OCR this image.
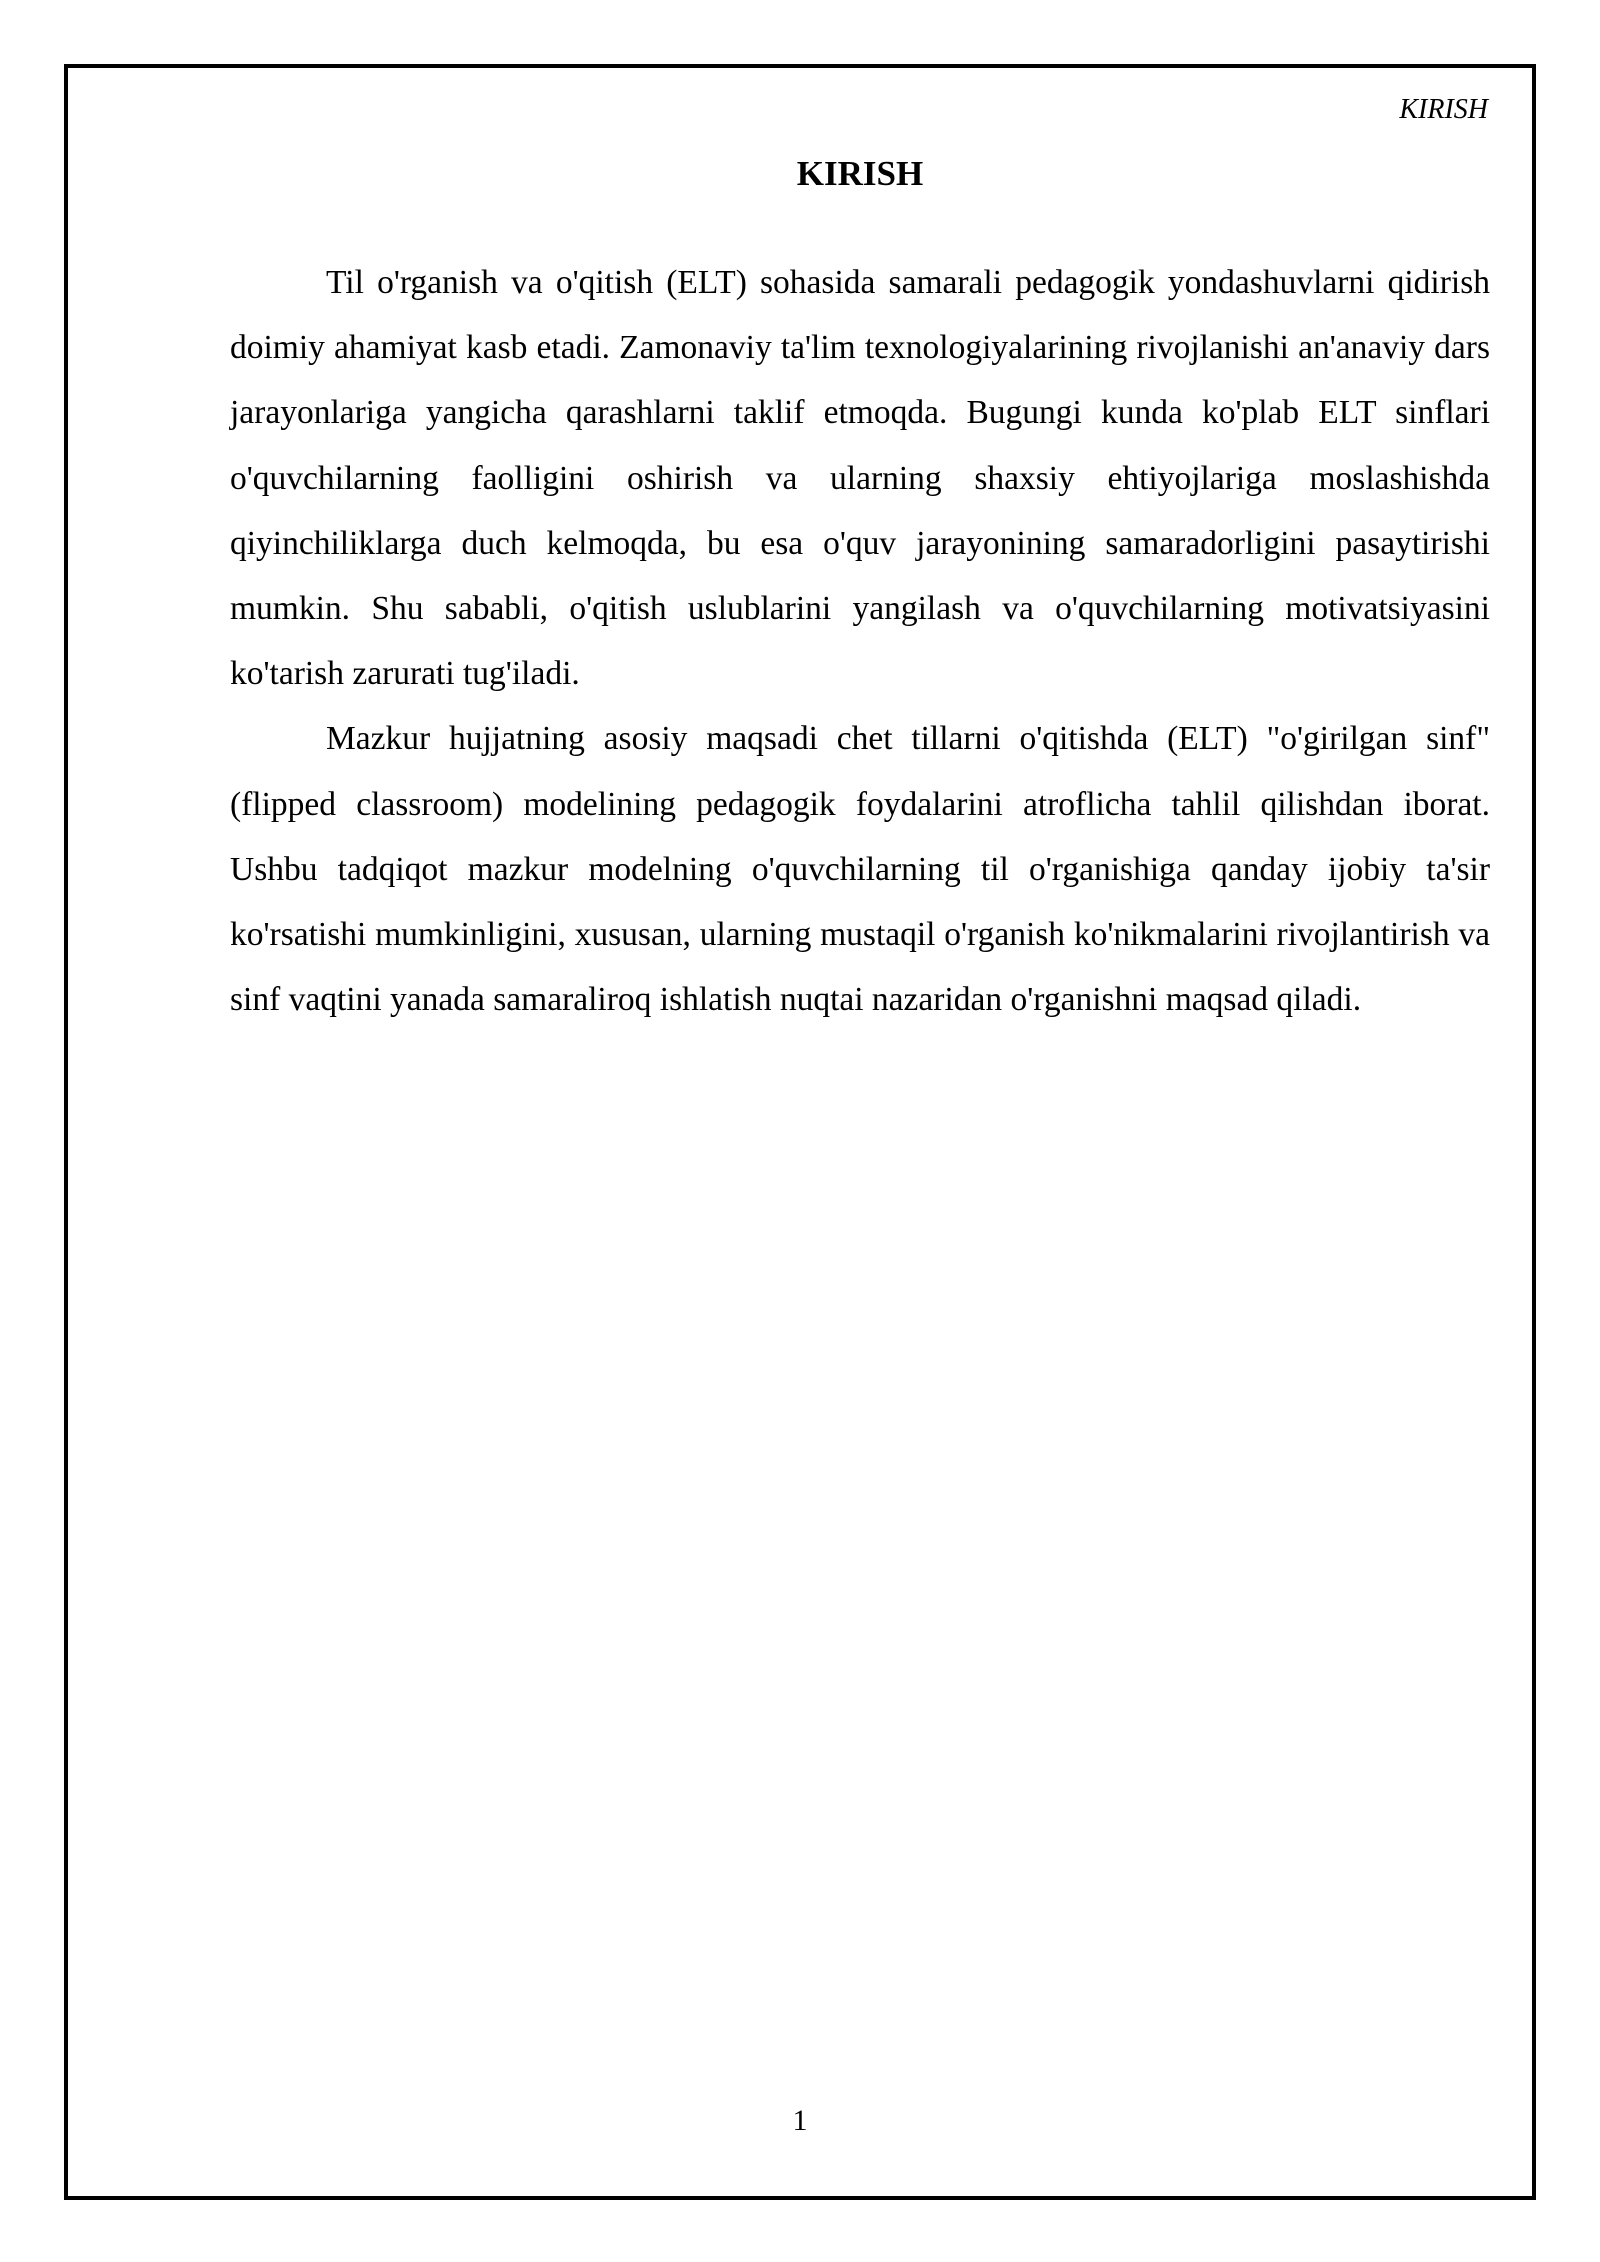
KIRISH
KIRISH

Til o'rganish va o'qitish (ELT) sohasida samarali pedagogik yondashuvlarni qidirish doimiy ahamiyat kasb etadi. Zamonaviy ta'lim texnologiyalarining rivojlanishi an'anaviy dars jarayonlariga yangicha qarashlarni taklif etmoqda. Bugungi kunda ko'plab ELT sinflari o'quvchilarning faolligini oshirish va ularning shaxsiy ehtiyojlariga moslashishda qiyinchiliklarga duch kelmoqda, bu esa o'quv jarayonining samaradorligini pasaytirishi mumkin. Shu sababli, o'qitish uslublarini yangilash va o'quvchilarning motivatsiyasini ko'tarish zarurati tug'iladi.

Mazkur hujjatning asosiy maqsadi chet tillarni o'qitishda (ELT) "o'girilgan sinf" (flipped classroom) modelining pedagogik foydalarini atroflicha tahlil qilishdan iborat. Ushbu tadqiqot mazkur modelning o'quvchilarning til o'rganishiga qanday ijobiy ta'sir ko'rsatishi mumkinligini, xususan, ularning mustaqil o'rganish ko'nikmalarini rivojlantirish va sinf vaqtini yanada samaraliroq ishlatish nuqtai nazaridan o'rganishni maqsad qiladi.

1
